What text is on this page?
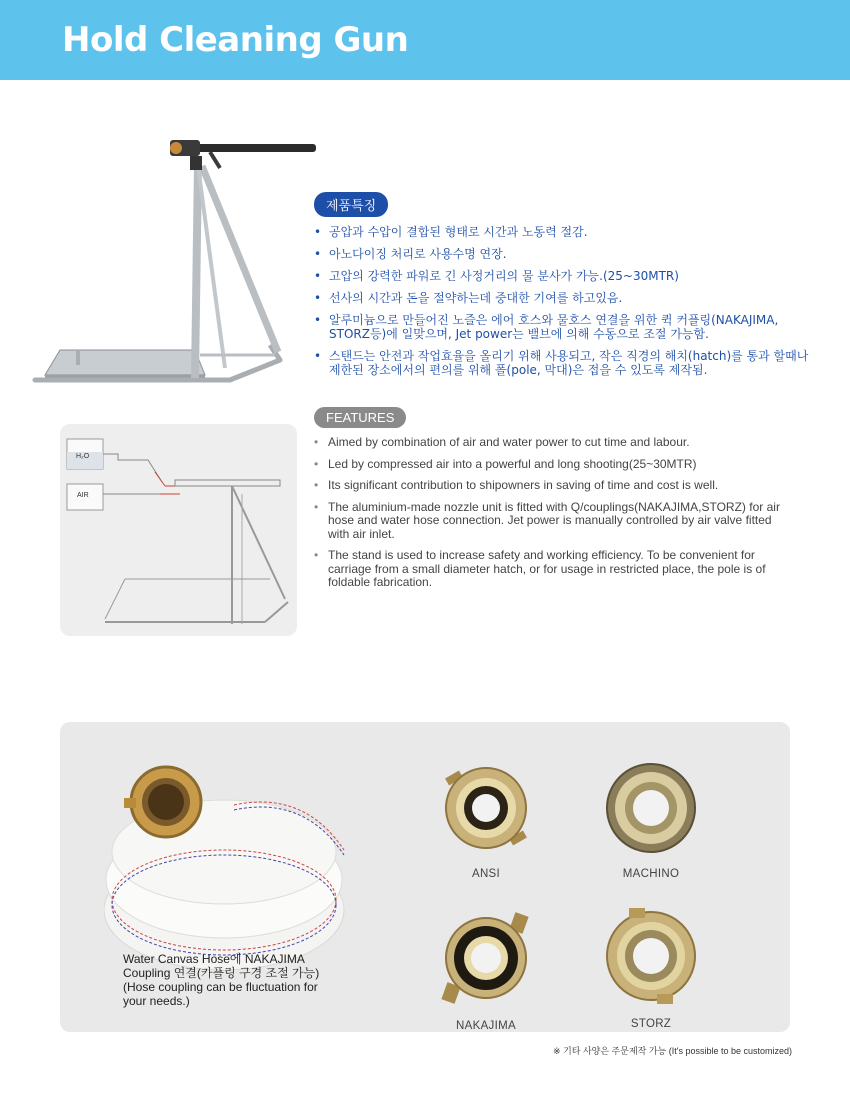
Hold Cleaning Gun
H₂O
AIR
제품특징
• 공압과 수압이 결합된 형태로 시간과 노동력 절감.
• 아노다이징 처리로 사용수명 연장.
• 고압의 강력한 파워로 긴 사정거리의 물 분사가 가능.(25~30MTR)
• 선사의 시간과 돈을 절약하는데 중대한 기여를 하고있음.
• 알루미늄으로 만들어진 노즐은 에어 호스와 물호스 연결을 위한 퀵 커플링(NAKAJIMA, STORZ등)에 일맞으며, Jet power는 밸브에 의해 수동으로 조절 가능함.
• 스탠드는 안전과 작업효율을 올리기 위해 사용되고, 작은 직경의 해치(hatch)를 통과 할때나 제한된 장소에서의 편의를 위해 폴(pole, 막대)은 접을 수 있도록 제작됨.
FEATURES
• Aimed by combination of air and water power to cut time and labour.
• Led by compressed air into a powerful and long shooting(25~30MTR)
• Its significant contribution to shipowners in saving of time and cost is well.
• The aluminium-made nozzle unit is fitted with Q/couplings(NAKAJIMA,STORZ) for air hose and water hose connection. Jet power is manually controlled by air valve fitted with air inlet.
• The stand is used to increase safety and working efficiency. To be convenient for carriage from a small diameter hatch, or for usage in restricted place, the pole is of foldable fabrication.
Water Canvas Hose에 NAKAJIMA
Coupling 연결(카플링 구경 조절 가능)
(Hose coupling can be fluctuation for
your needs.)
ANSI	MACHINO
NAKAJIMA	STORZ
※ 기타 사양은 주문제작 가능 (It's possible to be customized)
